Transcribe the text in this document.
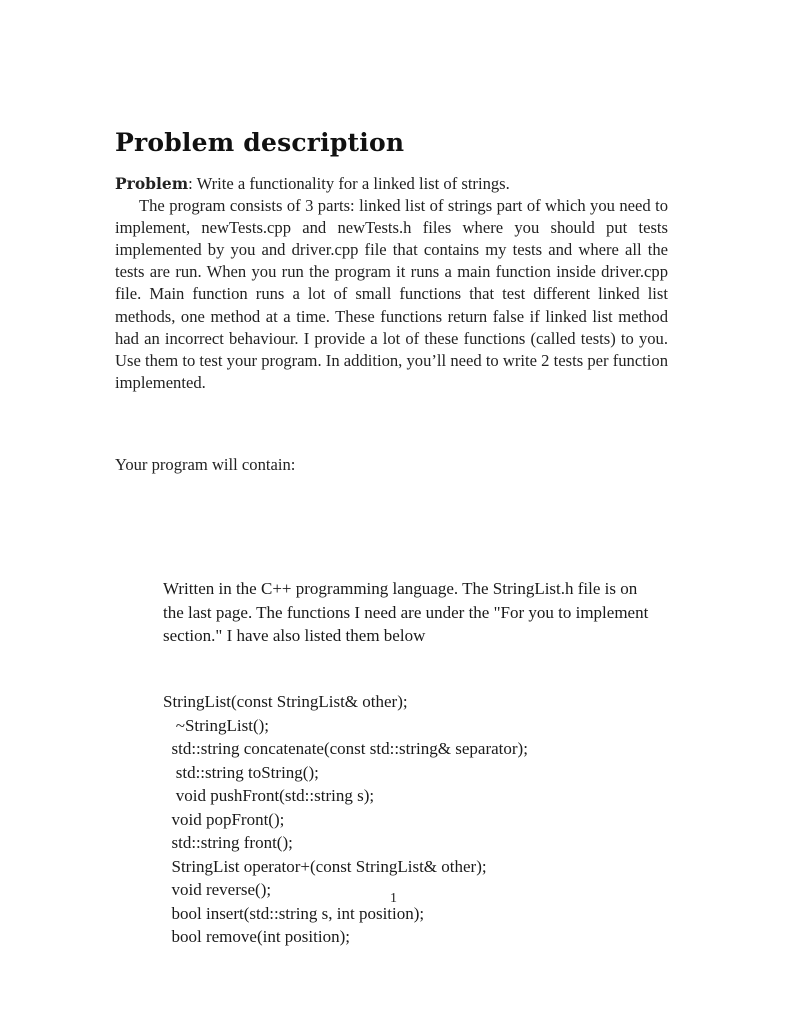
Problem description

Problem: Write a functionality for a linked list of strings.
The program consists of 3 parts: linked list of strings part of which you need to implement, newTests.cpp and newTests.h files where you should put tests implemented by you and driver.cpp file that contains my tests and where all the tests are run. When you run the program it runs a main function inside driver.cpp file. Main function runs a lot of small functions that test different linked list methods, one method at a time. These functions return false if linked list method had an incorrect behaviour. I provide a lot of these functions (called tests) to you. Use them to test your program. In addition, you’ll need to write 2 tests per function implemented.

Your program will contain:

Written in the C++ programming language. The StringList.h file is on the last page. The functions I need are under the "For you to implement section." I have also listed them below

StringList(const StringList& other);
~StringList();
std::string concatenate(const std::string& separator);
std::string toString();
void pushFront(std::string s);
void popFront();
std::string front();
StringList operator+(const StringList& other);
void reverse();
bool insert(std::string s, int position);
bool remove(int position);
1
